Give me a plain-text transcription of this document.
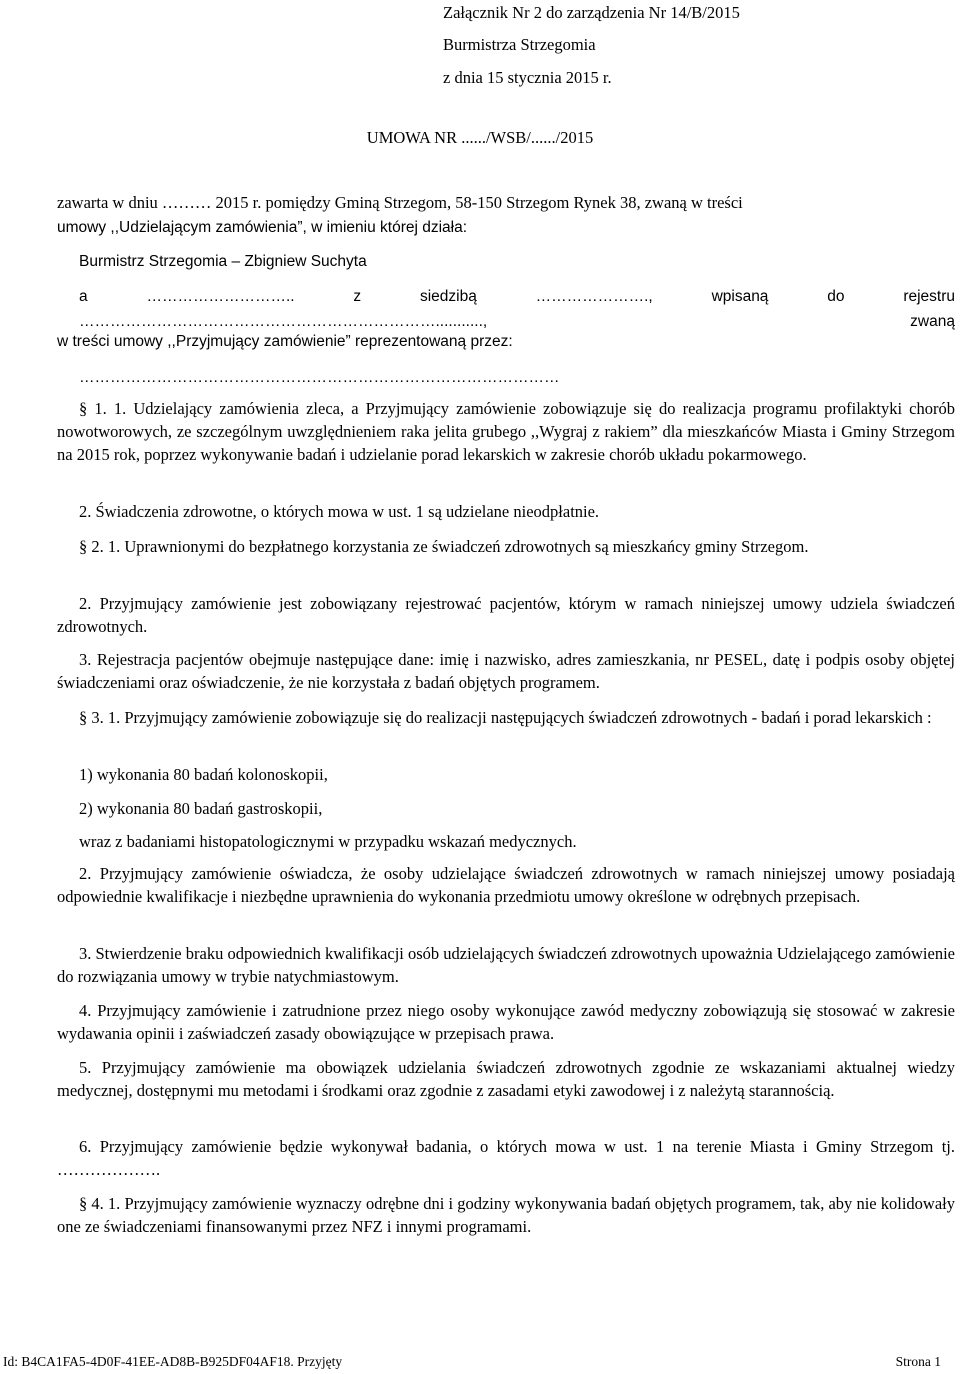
Załącznik Nr 2 do zarządzenia Nr 14/B/2015
Burmistrza Strzegomia
z dnia 15 stycznia 2015 r.
UMOWA NR ....../WSB/....../2015
zawarta w dniu ……… 2015 r. pomiędzy Gminą Strzegom, 58-150 Strzegom Rynek 38, zwaną w treści
umowy ,,Udzielającym zamówienia”, w imieniu której działa:
Burmistrz Strzegomia – Zbigniew Suchyta
a ……………………….. z siedzibą …………………., wpisaną do rejestru
……………………………………………………………..........., zwaną
w treści umowy ,,Przyjmujący zamówienie” reprezentowaną przez:
…………………………………………………………………………………
§ 1. 1. Udzielający zamówienia zleca, a Przyjmujący zamówienie zobowiązuje się do realizacja programu profilaktyki chorób nowotworowych, ze szczególnym uwzględnieniem raka jelita grubego ,,Wygraj z rakiem” dla mieszkańców Miasta i Gminy Strzegom na 2015 rok, poprzez wykonywanie badań i udzielanie porad lekarskich w zakresie chorób układu pokarmowego.
2. Świadczenia zdrowotne, o których mowa w ust. 1 są udzielane nieodpłatnie.
§ 2. 1. Uprawnionymi do bezpłatnego korzystania ze świadczeń zdrowotnych są mieszkańcy gminy Strzegom.
2. Przyjmujący zamówienie jest zobowiązany rejestrować pacjentów, którym w ramach niniejszej umowy udziela świadczeń zdrowotnych.
3. Rejestracja pacjentów obejmuje następujące dane: imię i nazwisko, adres zamieszkania, nr PESEL, datę i podpis osoby objętej świadczeniami oraz oświadczenie, że nie korzystała z badań objętych programem.
§ 3. 1. Przyjmujący zamówienie zobowiązuje się do realizacji następujących świadczeń zdrowotnych - badań i porad lekarskich :
1) wykonania 80 badań kolonoskopii,
2) wykonania 80 badań gastroskopii,
wraz z badaniami histopatologicznymi w przypadku wskazań medycznych.
2. Przyjmujący zamówienie oświadcza, że osoby udzielające świadczeń zdrowotnych w ramach niniejszej umowy posiadają odpowiednie kwalifikacje i niezbędne uprawnienia do wykonania przedmiotu umowy określone w odrębnych przepisach.
3. Stwierdzenie braku odpowiednich kwalifikacji osób udzielających świadczeń zdrowotnych upoważnia Udzielającego zamówienie do rozwiązania umowy w trybie natychmiastowym.
4. Przyjmujący zamówienie i zatrudnione przez niego osoby wykonujące zawód medyczny zobowiązują się stosować w zakresie wydawania opinii i zaświadczeń zasady obowiązujące w przepisach prawa.
5. Przyjmujący zamówienie ma obowiązek udzielania świadczeń zdrowotnych zgodnie ze wskazaniami aktualnej wiedzy medycznej, dostępnymi mu metodami i środkami oraz zgodnie z zasadami etyki zawodowej i z należytą starannością.
6. Przyjmujący zamówienie będzie wykonywał badania, o których mowa w ust. 1 na terenie Miasta i Gminy Strzegom tj. ……………….
§ 4. 1. Przyjmujący zamówienie wyznaczy odrębne dni i godziny wykonywania badań objętych programem, tak, aby nie kolidowały one ze świadczeniami finansowanymi przez NFZ i innymi programami.
Id: B4CA1FA5-4D0F-41EE-AD8B-B925DF04AF18. Przyjęty	Strona 1
